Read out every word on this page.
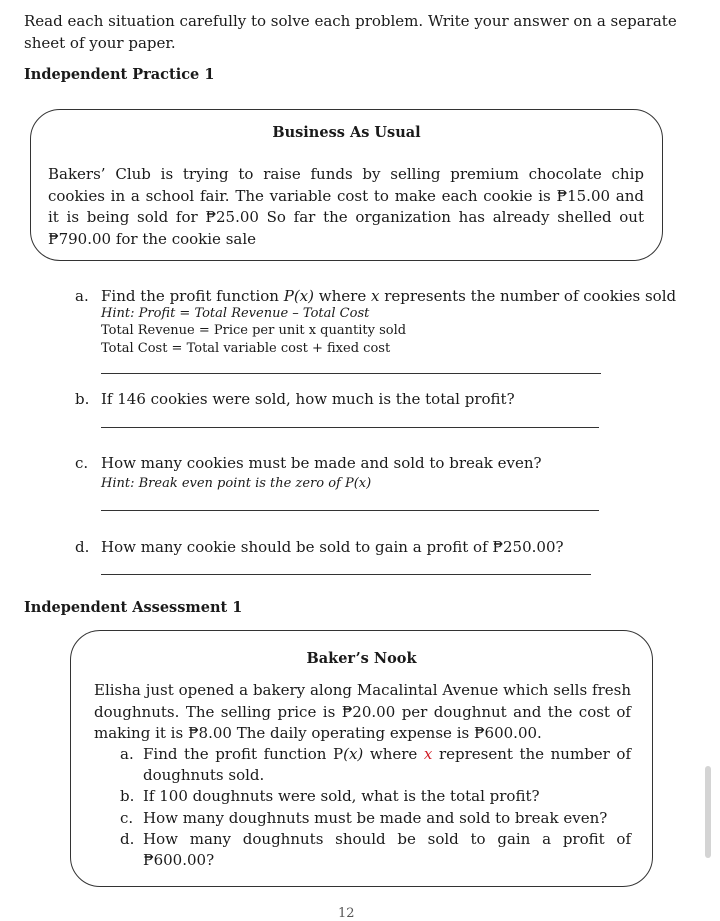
Read each situation carefully to solve each problem. Write your answer on a separate sheet of your paper.
Independent Practice 1
Business As Usual
Bakers’ Club is trying to raise funds by selling premium chocolate chip cookies in a school fair. The variable cost to make each cookie is ₱15.00 and it is being sold for ₱25.00 So far the organization has already shelled out ₱790.00 for the cookie sale
a. Find the profit function P(x) where x represents the number of cookies sold
Hint: Profit = Total Revenue – Total Cost
Total Revenue = Price per unit x quantity sold
Total Cost = Total variable cost + fixed cost
b. If 146 cookies were sold, how much is the total profit?
c. How many cookies must be made and sold to break even?
Hint: Break even point is the zero of P(x)
d. How many cookie should be sold to gain a profit of ₱250.00?
Independent Assessment 1
Baker’s Nook
Elisha just opened a bakery along Macalintal Avenue which sells fresh doughnuts. The selling price is ₱20.00 per doughnut and the cost of making it is ₱8.00 The daily operating expense is ₱600.00.
a. Find the profit function P(x) where x represent the number of doughnuts sold.
b. If 100 doughnuts were sold, what is the total profit?
c. How many doughnuts must be made and sold to break even?
d. How many doughnuts should be sold to gain a profit of ₱600.00?
12
